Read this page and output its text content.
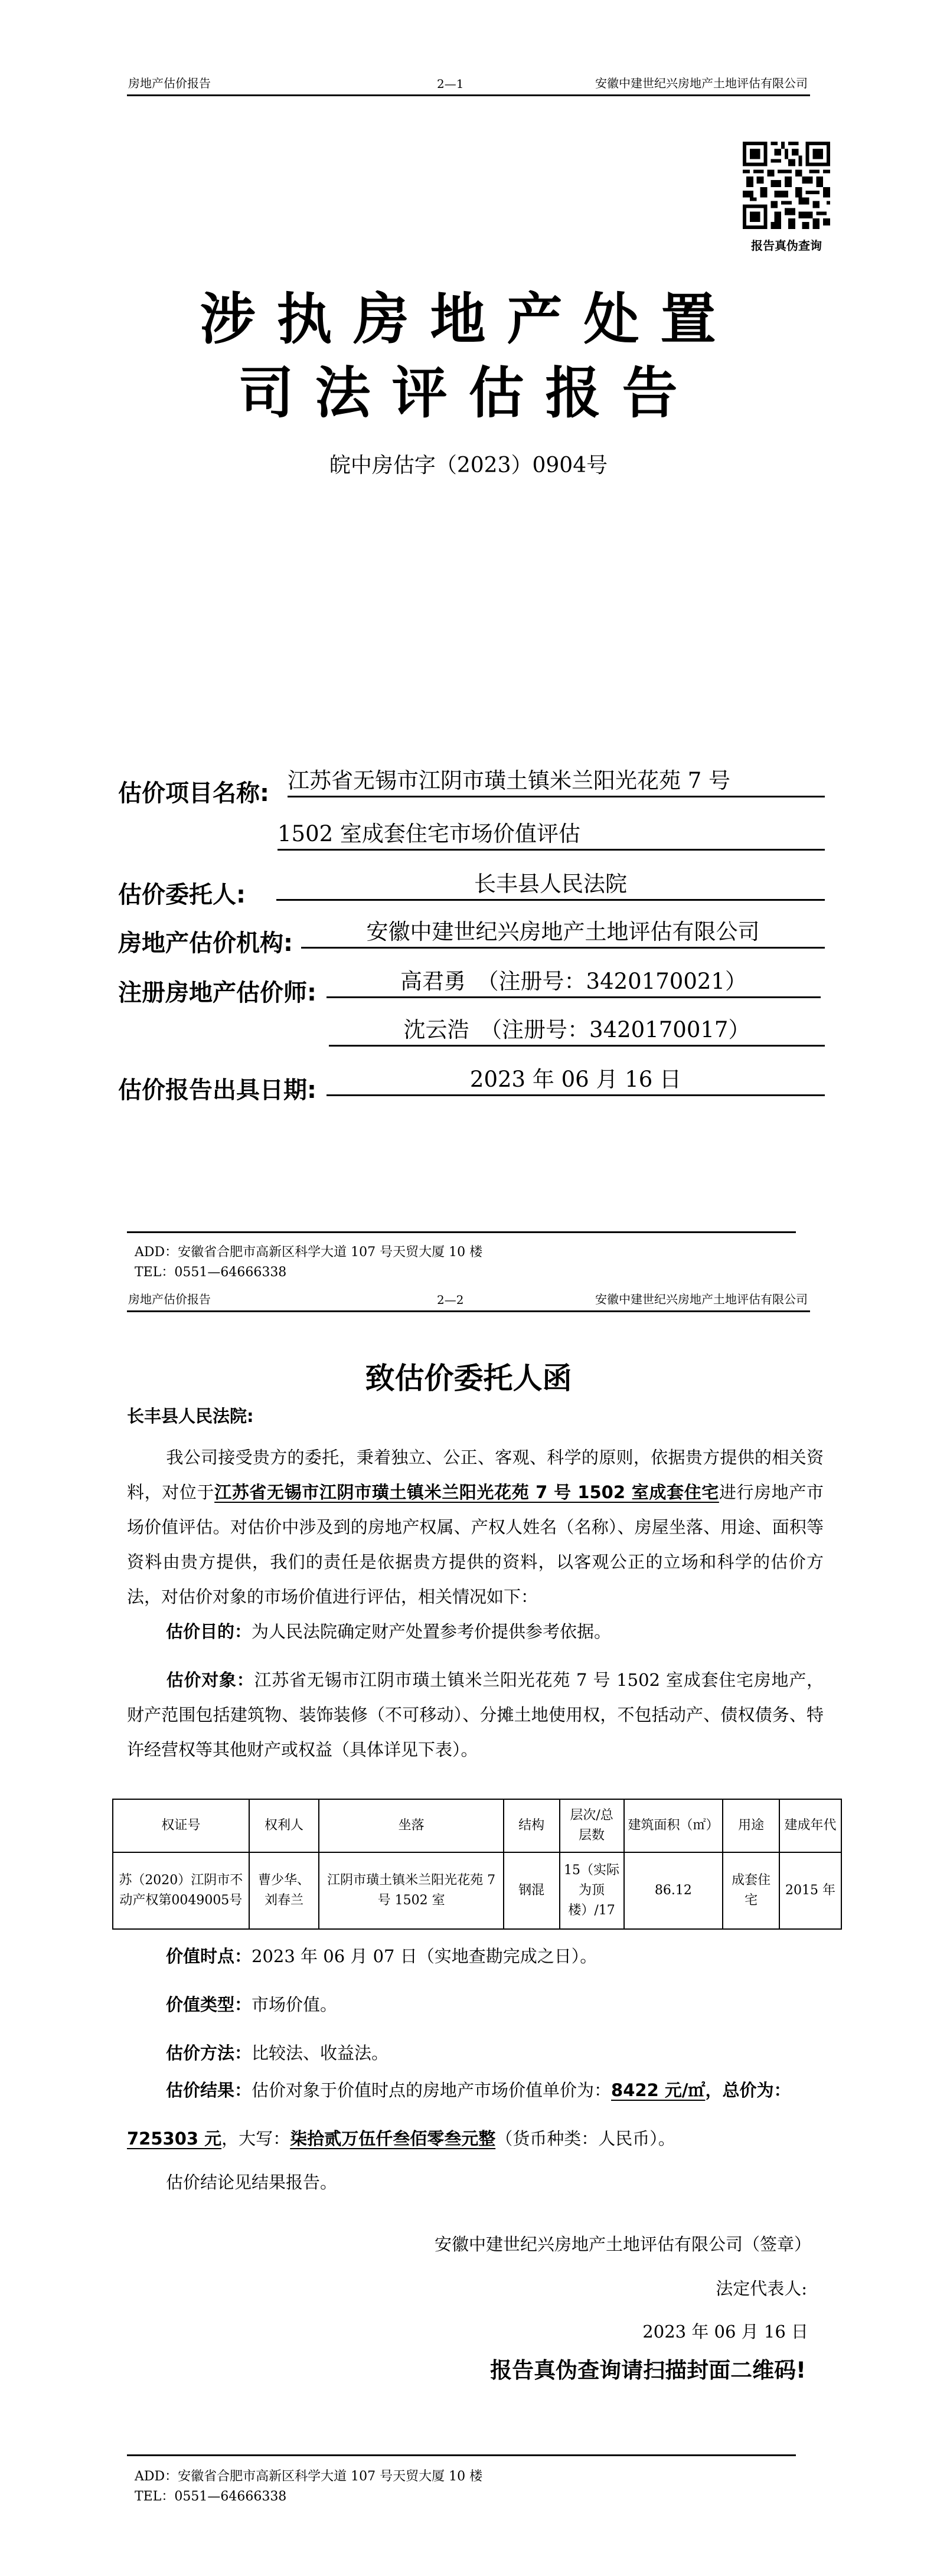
房地产估价报告	2—1	安徽中建世纪兴房地产土地评估有限公司
报告真伪查询
涉执房地产处置
司法评估报告
皖中房估字（2023）0904号
估价项目名称: 江苏省无锡市江阴市璜土镇米兰阳光花苑 7 号
1502 室成套住宅市场价值评估
估价委托人:	长丰县人民法院
房地产估价机构:	安徽中建世纪兴房地产土地评估有限公司
注册房地产估价师:	高君勇　（注册号：3420170021）
沈云浩　（注册号：3420170017）
估价报告出具日期:	2023 年 06 月 16 日
ADD：安徽省合肥市高新区科学大道 107 号天贸大厦 10 楼
TEL：0551—64666338
房地产估价报告	2—2	安徽中建世纪兴房地产土地评估有限公司
致估价委托人函
长丰县人民法院:
我公司接受贵方的委托，秉着独立、公正、客观、科学的原则，依据贵方提供的相关资料，对位于江苏省无锡市江阴市璜土镇米兰阳光花苑 7 号 1502 室成套住宅进行房地产市场价值评估。对估价中涉及到的房地产权属、产权人姓名（名称）、房屋坐落、用途、面积等资料由贵方提供，我们的责任是依据贵方提供的资料，以客观公正的立场和科学的估价方法，对估价对象的市场价值进行评估，相关情况如下：
估价目的：为人民法院确定财产处置参考价提供参考依据。
估价对象：江苏省无锡市江阴市璜土镇米兰阳光花苑 7 号 1502 室成套住宅房地产，财产范围包括建筑物、装饰装修（不可移动）、分摊土地使用权，不包括动产、债权债务、特许经营权等其他财产或权益（具体详见下表）。
权证号	权利人	坐落	结构	层次/总层数	建筑面积（㎡）	用途	建成年代
苏（2020）江阴市不动产权第0049005号	曹少华、刘春兰	江阴市璜土镇米兰阳光花苑 7 号 1502 室	钢混	15（实际为顶楼）/17	86.12	成套住宅	2015 年
价值时点：2023 年 06 月 07 日（实地查勘完成之日）。
价值类型：市场价值。
估价方法：比较法、收益法。
估价结果：估价对象于价值时点的房地产市场价值单价为：8422 元/㎡，总价为：725303 元，大写：柒拾贰万伍仟叁佰零叁元整（货币种类：人民币）。
估价结论见结果报告。
安徽中建世纪兴房地产土地评估有限公司（签章）
法定代表人:
2023 年 06 月 16 日
报告真伪查询请扫描封面二维码!
ADD：安徽省合肥市高新区科学大道 107 号天贸大厦 10 楼
TEL：0551—64666338
